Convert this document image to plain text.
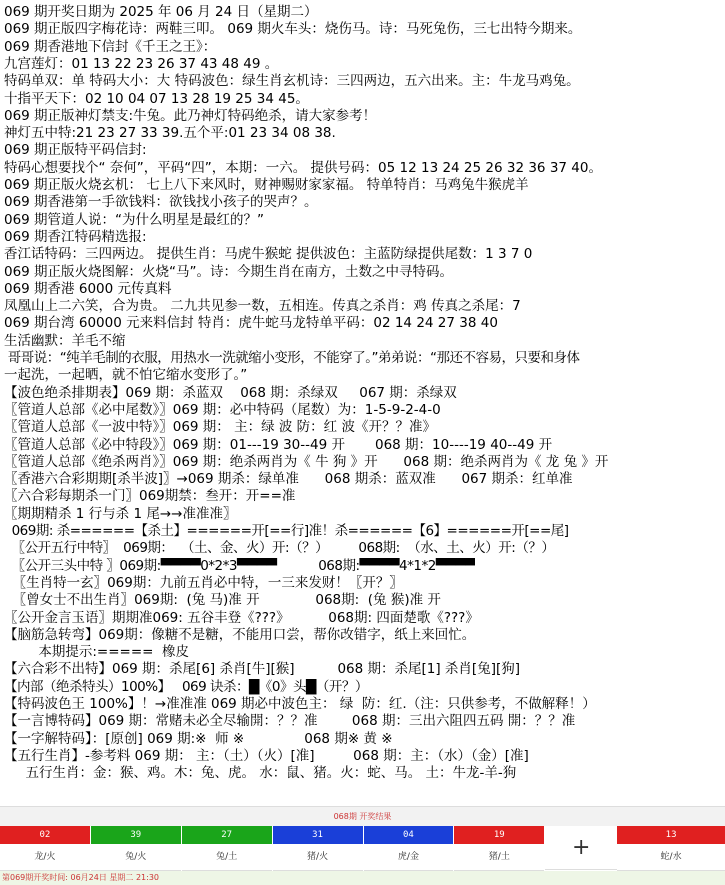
069 期开奖日期为 2025 年 06 月 24 日（星期二）
069 期正版四字梅花诗：两鞋三叩。 069 期火车头：烧伤马。诗：马死兔伤，三七出特今期来。
069 期香港地下信封《千王之王》：
九宫莲灯：01 13 22 23 26 37 43 48 49 。
特码单双：单 特码大小：大 特码波色：绿生肖玄机诗：三四两边，五六出来。主：牛龙马鸡兔。
十指平天下：02 10 04 07 13 28 19 25 34 45。
069 期正版神灯禁支:牛兔。此乃神灯特码绝杀，请大家参考！
神灯五中特:21 23 27 33 39.五个平:01 23 34 08 38.
069 期正版特平码信封:
特码心想要找个“ 奈何”，平码“四”，本期：一六。 提供号码：05 12 13 24 25 26 32 36 37 40。
069 期正版火烧玄机： 七上八下来风时，财神赐财家家福。 特单特肖：马鸡兔牛猴虎羊
069 期香港第一手欲钱料：欲钱找小孩子的哭声？。
069 期管道人说：“为什么明星是最红的？”
069 期香江特码精选报:
香江话特码：三四两边。 提供生肖：马虎牛猴蛇 提供波色：主蓝防绿提供尾数：1 3 7 0
069 期正版火烧图解：火烧“马”。诗：今期生肖在南方，土数之中寻特码。
069 期香港 6000 元传真料
凤凰山上二六笑，合为贵。 二九共见参一数，五相连。传真之杀肖：鸡 传真之杀尾：7
069 期台湾 60000 元来料信封 特肖：虎牛蛇马龙特单平码：02 14 24 27 38 40
生活幽默：羊毛不缩
哥哥说：“纯羊毛制的衣服，用热水一洗就缩小变形，不能穿了。”弟弟说：“那还不容易，只要和身体
一起洗，一起晒，就不怕它缩水变形了。”
【波色绝杀排期表】069 期：杀蓝双    068 期：杀绿双     067 期：杀绿双
〖管道人总部《必中尾数》〗069 期：必中特码（尾数）为：1-5-9-2-4-0
〖管道人总部《一波中特》〗069 期： 主：绿 波 防：红 波《开？？准》
〖管道人总部《必中特段》〗069 期：01---19 30--49 开       068 期：10----19 40--49 开
〖管道人总部《绝杀两肖》〗069 期：绝杀两肖为《 牛 狗 》开      068 期：绝杀两肖为《 龙 兔 》开
〖香港六合彩期期[杀半波]〗→069 期杀：绿单准      068 期杀：蓝双准      067 期杀：红单准
〖六合彩每期杀一门〗069期禁：叁开：开==准
〖期期精杀 1 行与杀 1 尾→→准准准〗
069期: 杀======【杀土】======开[==行]准！杀======【6】======开[==尾]
〖公开五行中特〗  069期：  （土、金、火）开:（？）        068期:  （水、土、火）开:（？）
〖公开三头中特 〗069期:▀▀▀▀0*2*3▀▀▀▀           068期:▀▀▀▀4*1*2▀▀▀▀
〖生肖特一玄〗069期：九前五肖必中特，一三来发财！〖开？〗
〖曾女士不出生肖〗069期:  (兔 马)准 开             068期:  (兔 猴)准 开
〖公开金言玉语〗期期准069: 五谷丰登《???》         068期: 四面楚歌《???》
【脑筋急转弯】069期：像糖不是糖，不能用口尝，帮你改错字，纸上来回忙。
本期提示:=====  橡皮
【六合彩不出特】069 期：杀尾[6] 杀肖[牛][猴]          068 期：杀尾[1] 杀肖[兔][狗]
【内部（绝杀特头）100%】   069 诀杀：█《0》头█（开？）
【特码波色王 100%】！→准准准 069 期必中波色主： 绿  防：红.（注：只供参考，不做解释！）
【一言博特码】069 期：常赌未必全尽输開：？？准        068 期：三出六阻四五码 開：？？准
【一字解特码】：[原创] 069 期:※  师 ※              068 期※ 黄 ※
【五行生肖】-参考料 069 期： 主：（土）（火）[准]         068 期：主：（水）（金）[准]
五行生肖：金：猴、鸡。木：兔、虎。 水：鼠、猪。火：蛇、马。 土：牛龙-羊-狗
068期 开奖结果
02
龙/火
39
兔/火
27
兔/土
31
猪/火
04
虎/金
19
猪/土	+	13
蛇/水
第069期开奖时间: 06月24日 星期二 21:30
